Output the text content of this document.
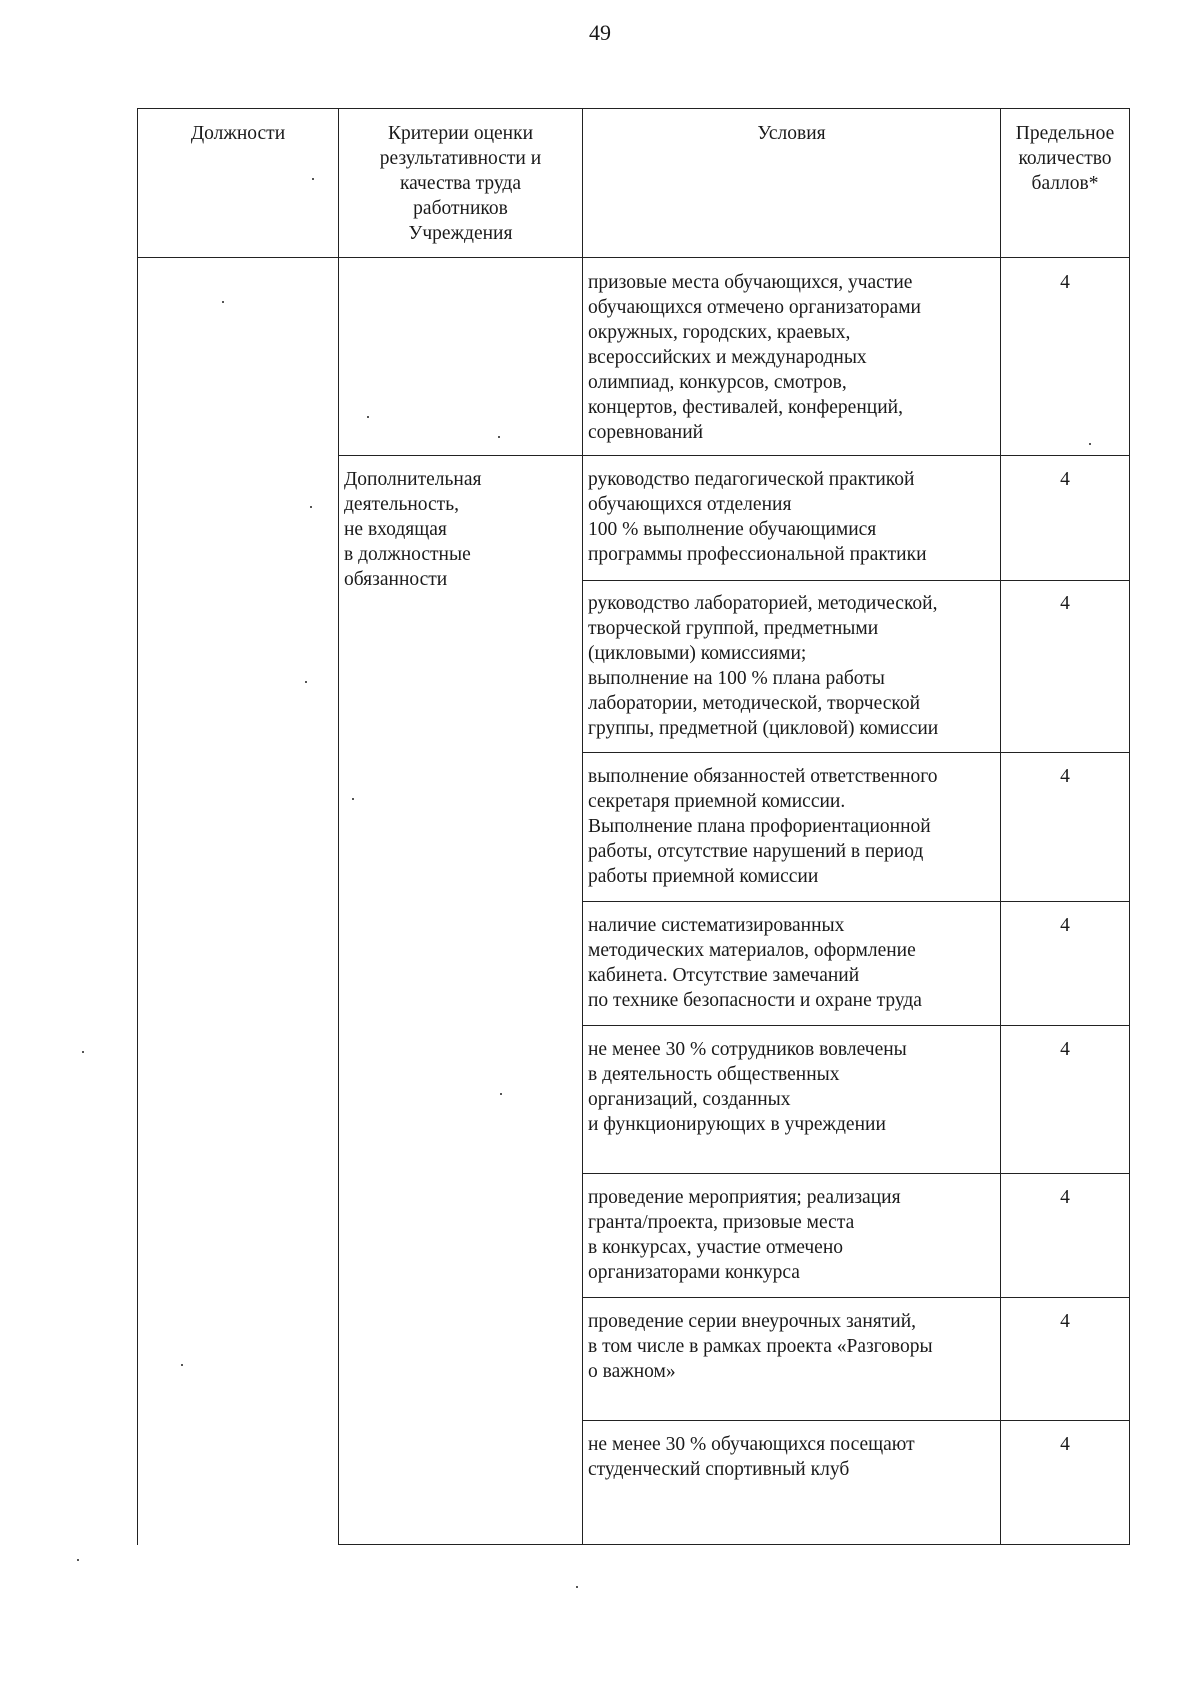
49
Должности	Критерии оценки
результативности и
качества труда
работников
Учреждения
Условия	Предельное
количество
баллов*
Дополнительная
деятельность,
не входящая
в должностные
обязанности
призовые места обучающихся, участие
обучающихся отмечено организаторами
окружных, городских, краевых,
всероссийских и международных
олимпиад, конкурсов, смотров,
концертов, фестивалей, конференций,
соревнований
4
руководство педагогической практикой
обучающихся отделения
100 % выполнение обучающимися
программы профессиональной практики
4
руководство лабораторией, методической,
творческой группой, предметными
(цикловыми) комиссиями;
выполнение на 100 % плана работы
лаборатории, методической, творческой
группы, предметной (цикловой) комиссии
4
выполнение обязанностей ответственного
секретаря приемной комиссии.
Выполнение плана профориентационной
работы, отсутствие нарушений в период
работы приемной комиссии
4
наличие систематизированных
методических материалов, оформление
кабинета. Отсутствие замечаний
по технике безопасности и охране труда
4
не менее 30 % сотрудников вовлечены
в деятельность общественных
организаций, созданных
и функционирующих в учреждении
4
проведение мероприятия; реализация
гранта/проекта, призовые места
в конкурсах, участие отмечено
организаторами конкурса
4
проведение серии внеурочных занятий,
в том числе в рамках проекта «Разговоры
о важном»
4
не менее 30 % обучающихся посещают
студенческий спортивный клуб
4
